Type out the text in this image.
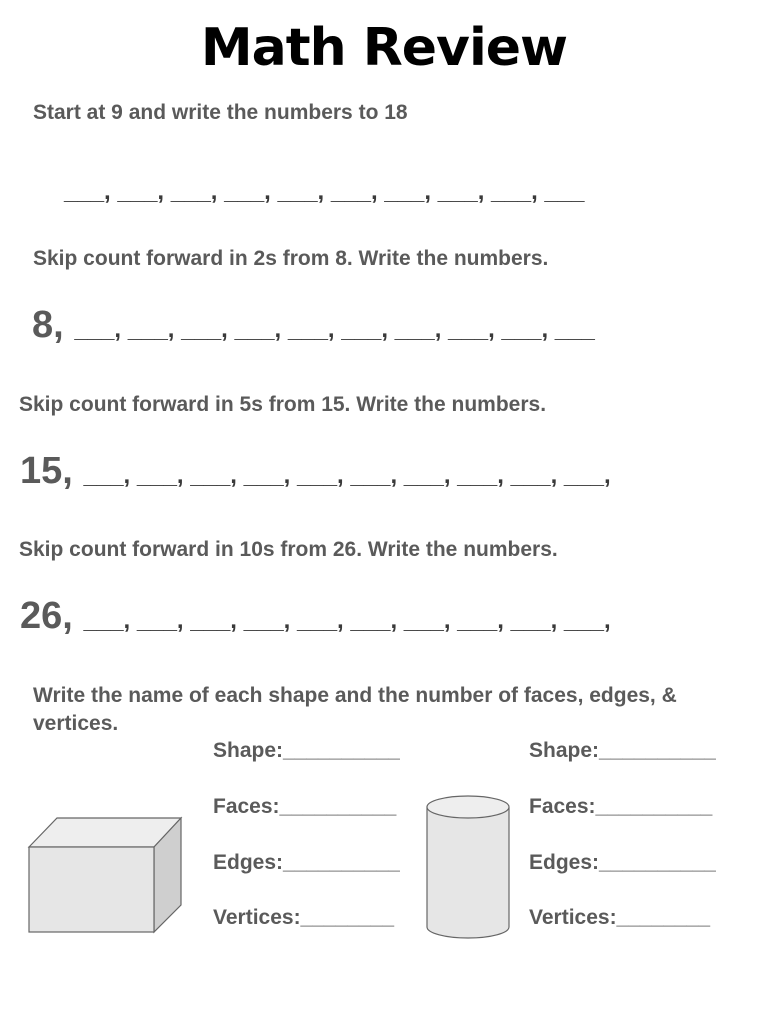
Math Review
Start at 9 and write the numbers to 18
___, ___, ___, ___, ___, ___, ___, ___, ___, ___
Skip count forward in 2s from 8. Write the numbers.
8, ___, ___, ___, ___, ___, ___, ___, ___, ___, ___
Skip count forward in 5s from 15. Write the numbers.
15, ___, ___, ___, ___, ___, ___, ___, ___, ___, ___,
Skip count forward in 10s from 26. Write the numbers.
26, ___, ___, ___, ___, ___, ___, ___, ___, ___, ___,
Write the name of each shape and the number of faces, edges, & vertices.
Shape:__________
Faces:__________
Edges:__________
Vertices:________
Shape:__________
Faces:__________
Edges:__________
Vertices:________
